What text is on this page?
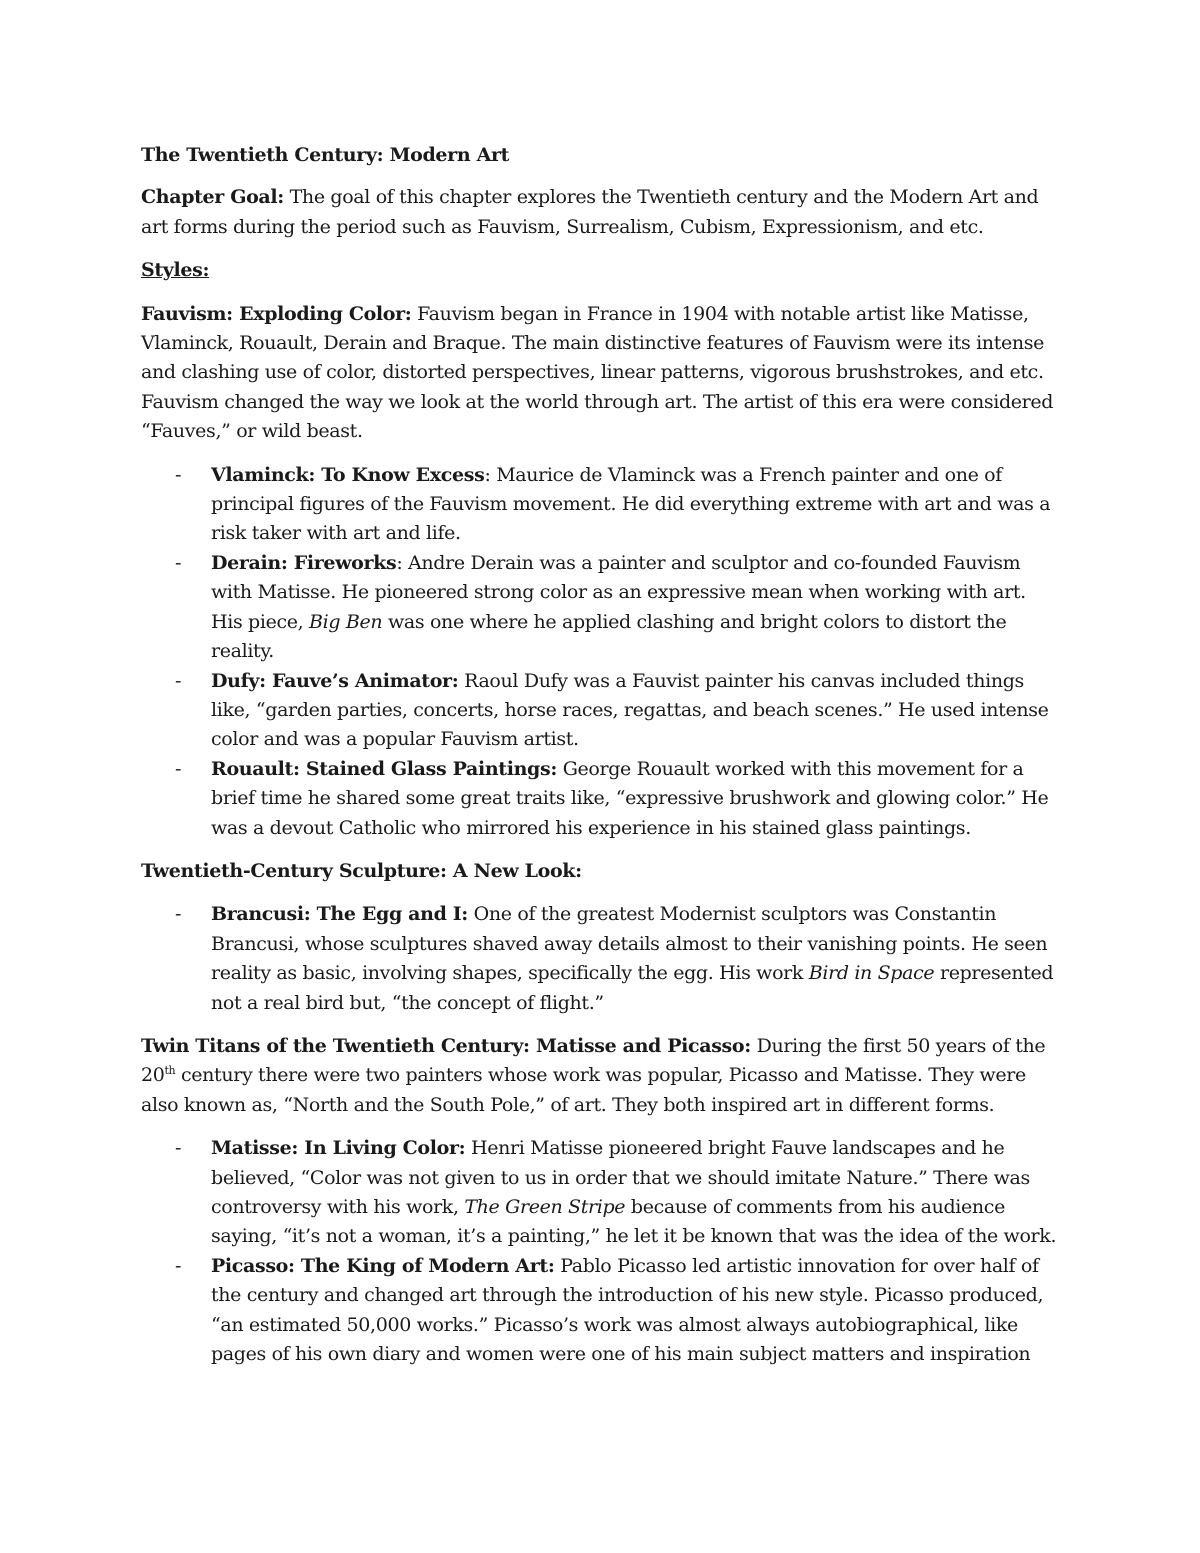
The Twentieth Century: Modern Art

Chapter Goal: The goal of this chapter explores the Twentieth century and the Modern Art and art forms during the period such as Fauvism, Surrealism, Cubism, Expressionism, and etc.

Styles:

Fauvism: Exploding Color: Fauvism began in France in 1904 with notable artist like Matisse, Vlaminck, Rouault, Derain and Braque. The main distinctive features of Fauvism were its intense and clashing use of color, distorted perspectives, linear patterns, vigorous brushstrokes, and etc. Fauvism changed the way we look at the world through art. The artist of this era were considered “Fauves,” or wild beast.

- Vlaminck: To Know Excess: Maurice de Vlaminck was a French painter and one of principal figures of the Fauvism movement. He did everything extreme with art and was a risk taker with art and life.
- Derain: Fireworks: Andre Derain was a painter and sculptor and co-founded Fauvism with Matisse. He pioneered strong color as an expressive mean when working with art. His piece, Big Ben was one where he applied clashing and bright colors to distort the reality.
- Dufy: Fauve’s Animator: Raoul Dufy was a Fauvist painter his canvas included things like, “garden parties, concerts, horse races, regattas, and beach scenes.” He used intense color and was a popular Fauvism artist.
- Rouault: Stained Glass Paintings: George Rouault worked with this movement for a brief time he shared some great traits like, “expressive brushwork and glowing color.” He was a devout Catholic who mirrored his experience in his stained glass paintings.

Twentieth-Century Sculpture: A New Look:

- Brancusi: The Egg and I: One of the greatest Modernist sculptors was Constantin Brancusi, whose sculptures shaved away details almost to their vanishing points. He seen reality as basic, involving shapes, specifically the egg. His work Bird in Space represented not a real bird but, “the concept of flight.”

Twin Titans of the Twentieth Century: Matisse and Picasso: During the first 50 years of the 20th century there were two painters whose work was popular, Picasso and Matisse. They were also known as, “North and the South Pole,” of art. They both inspired art in different forms.

- Matisse: In Living Color: Henri Matisse pioneered bright Fauve landscapes and he believed, “Color was not given to us in order that we should imitate Nature.” There was controversy with his work, The Green Stripe because of comments from his audience saying, “it’s not a woman, it’s a painting,” he let it be known that was the idea of the work.
- Picasso: The King of Modern Art: Pablo Picasso led artistic innovation for over half of the century and changed art through the introduction of his new style. Picasso produced, “an estimated 50,000 works.” Picasso’s work was almost always autobiographical, like pages of his own diary and women were one of his main subject matters and inspiration
